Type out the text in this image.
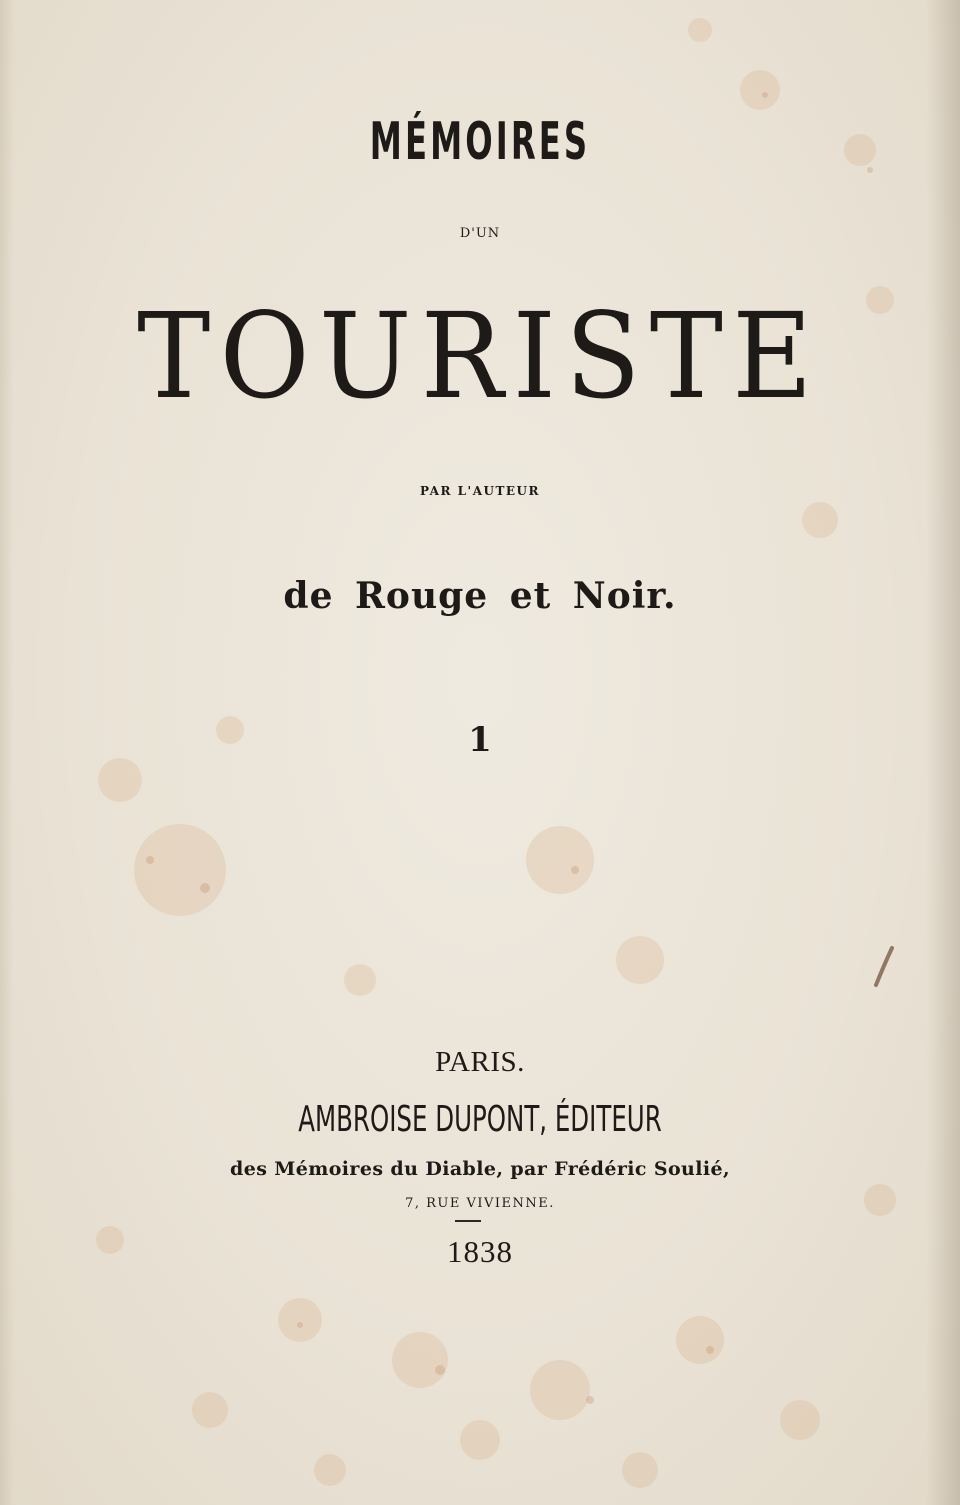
MÉMOIRES
D'UN
TOURISTE
PAR L'AUTEUR
de Rouge et Noir.
1
PARIS.
AMBROISE DUPONT, ÉDITEUR
des Mémoires du Diable, par Frédéric Soulié,
7, RUE VIVIENNE.
1838
